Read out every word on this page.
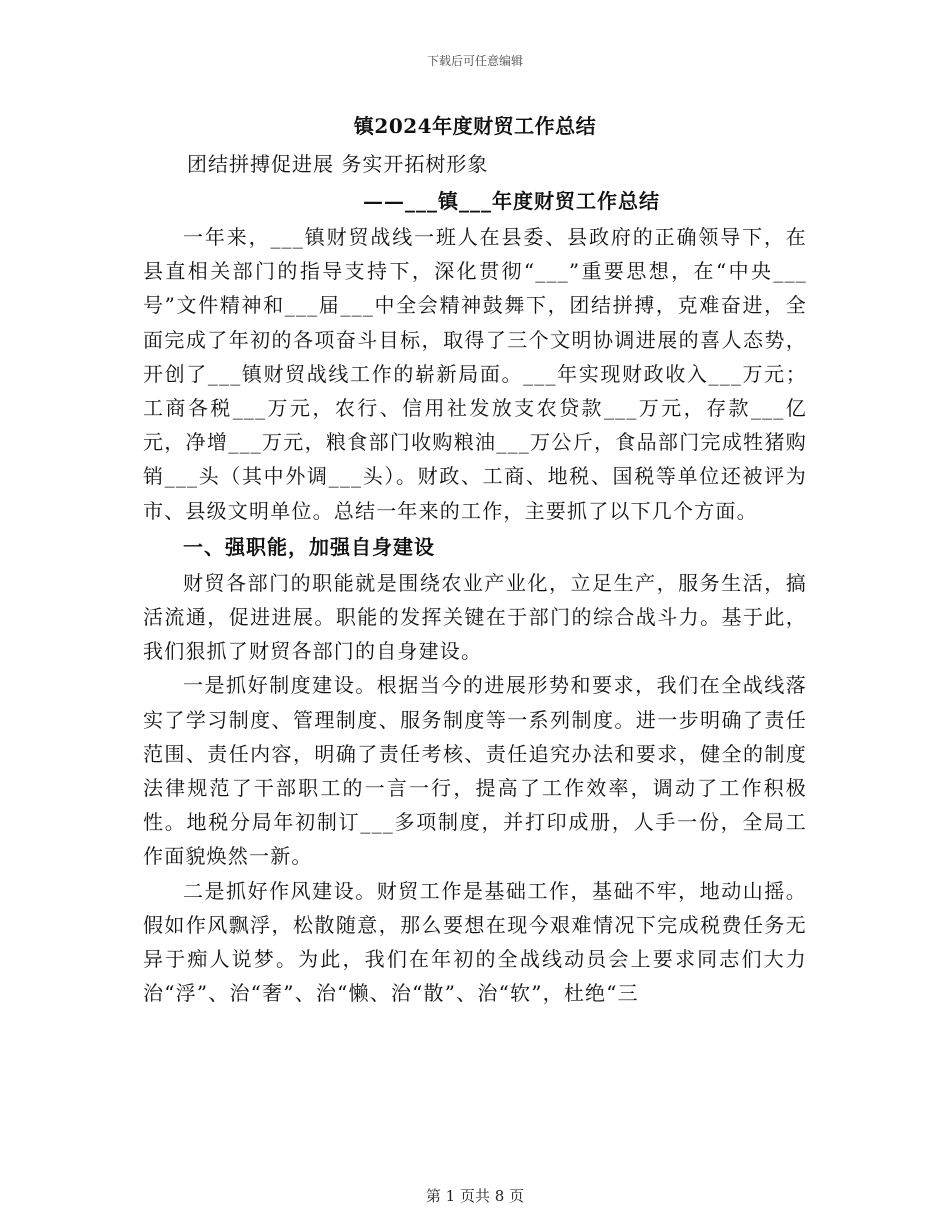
下载后可任意编辑
镇2024年度财贸工作总结
团结拼搏促进展 务实开拓树形象
——___镇___年度财贸工作总结

一年来，___镇财贸战线一班人在县委、县政府的正确领导下，在县直相关部门的指导支持下，深化贯彻“___”重要思想，在“中央___号”文件精神和___届___中全会精神鼓舞下，团结拼搏，克难奋进，全面完成了年初的各项奋斗目标，取得了三个文明协调进展的喜人态势，开创了___镇财贸战线工作的崭新局面。___年实现财政收入___万元；工商各税___万元，农行、信用社发放支农贷款___万元，存款___亿元，净增___万元，粮食部门收购粮油___万公斤，食品部门完成牲猪购销___头（其中外调___头）。财政、工商、地税、国税等单位还被评为市、县级文明单位。总结一年来的工作，主要抓了以下几个方面。

一、强职能，加强自身建设

财贸各部门的职能就是围绕农业产业化，立足生产，服务生活，搞活流通，促进进展。职能的发挥关键在于部门的综合战斗力。基于此，我们狠抓了财贸各部门的自身建设。

一是抓好制度建设。根据当今的进展形势和要求，我们在全战线落实了学习制度、管理制度、服务制度等一系列制度。进一步明确了责任范围、责任内容，明确了责任考核、责任追究办法和要求，健全的制度法律规范了干部职工的一言一行，提高了工作效率，调动了工作积极性。地税分局年初制订___多项制度，并打印成册，人手一份，全局工作面貌焕然一新。

二是抓好作风建设。财贸工作是基础工作，基础不牢，地动山摇。假如作风飘浮，松散随意，那么要想在现今艰难情况下完成税费任务无异于痴人说梦。为此，我们在年初的全战线动员会上要求同志们大力治“浮”、治“奢”、治“懒、治“散”、治“软”，杜绝“三

第 1 页共 8 页
